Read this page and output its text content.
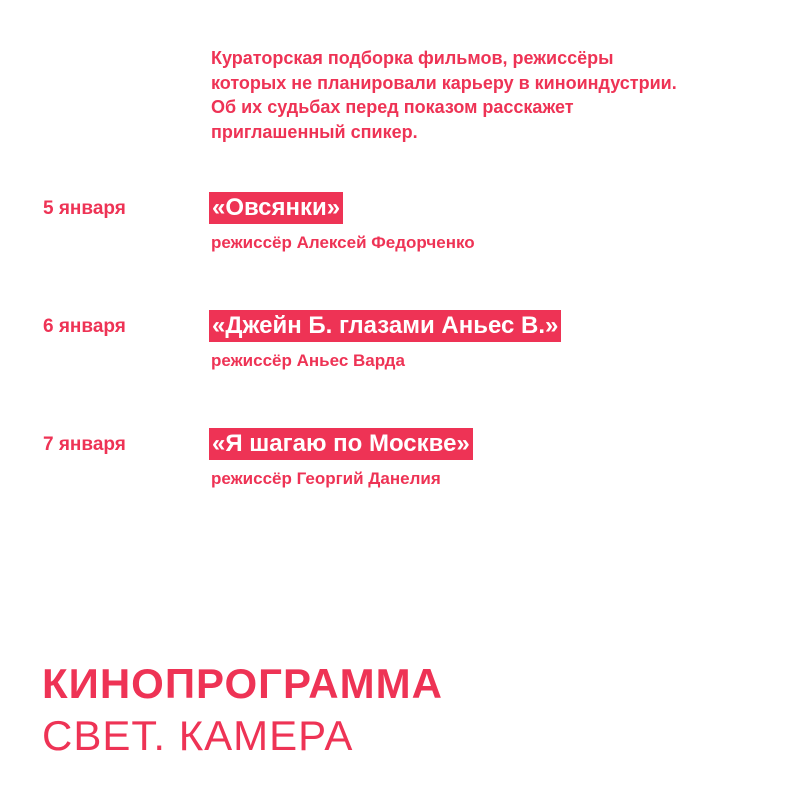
Кураторская подборка фильмов, режиссёры
которых не планировали карьеру в киноиндустрии.
Об их судьбах перед показом расскажет
приглашенный спикер.
5 января	«Овсянки»
режиссёр Алексей Федорченко
6 января	«Джейн Б. глазами Аньес В.»
режиссёр Аньес Варда
7 января	«Я шагаю по Москве»
режиссёр Георгий Данелия
КИНОПРОГРАММА
СВЕТ. КАМЕРА
